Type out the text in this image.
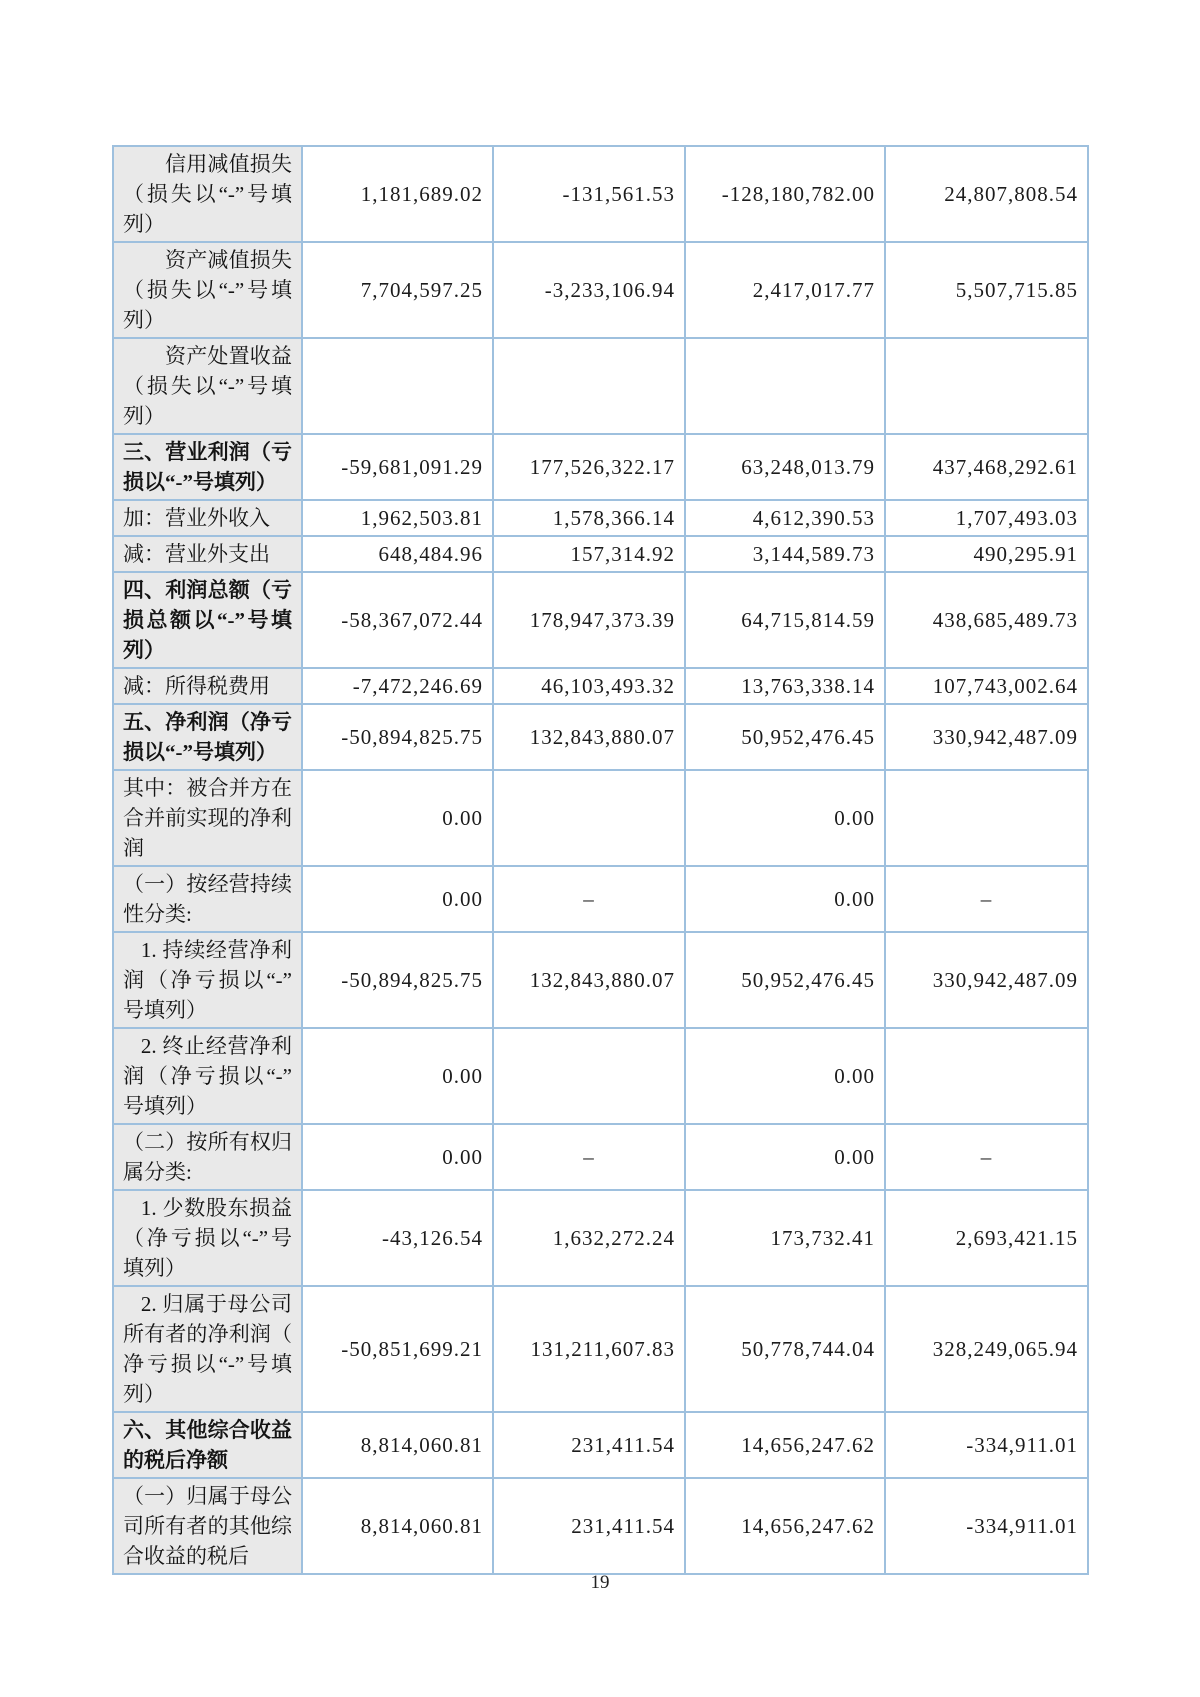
信用减值损失（损失以“-”号填列）	1,181,689.02	-131,561.53	-128,180,782.00	24,807,808.54
资产减值损失（损失以“-”号填列）	7,704,597.25	-3,233,106.94	2,417,017.77	5,507,715.85
资产处置收益（损失以“-”号填列）				
三、营业利润（亏损以“-”号填列）	-59,681,091.29	177,526,322.17	63,248,013.79	437,468,292.61
加：营业外收入	1,962,503.81	1,578,366.14	4,612,390.53	1,707,493.03
减：营业外支出	648,484.96	157,314.92	3,144,589.73	490,295.91
四、利润总额（亏损总额以“-”号填列）	-58,367,072.44	178,947,373.39	64,715,814.59	438,685,489.73
减：所得税费用	-7,472,246.69	46,103,493.32	13,763,338.14	107,743,002.64
五、净利润（净亏损以“-”号填列）	-50,894,825.75	132,843,880.07	50,952,476.45	330,942,487.09
其中：被合并方在合并前实现的净利润	0.00		0.00	
（一）按经营持续性分类:	0.00	–	0.00	–
1. 持续经营净利润（净亏损以“-”号填列）	-50,894,825.75	132,843,880.07	50,952,476.45	330,942,487.09
2. 终止经营净利润（净亏损以“-”号填列）	0.00		0.00	
（二）按所有权归属分类:	0.00	–	0.00	–
1. 少数股东损益（净亏损以“-”号填列）	-43,126.54	1,632,272.24	173,732.41	2,693,421.15
2. 归属于母公司所有者的净利润（净亏损以“-”号填列）	-50,851,699.21	131,211,607.83	50,778,744.04	328,249,065.94
六、其他综合收益的税后净额	8,814,060.81	231,411.54	14,656,247.62	-334,911.01
（一）归属于母公司所有者的其他综合收益的税后	8,814,060.81	231,411.54	14,656,247.62	-334,911.01
19
